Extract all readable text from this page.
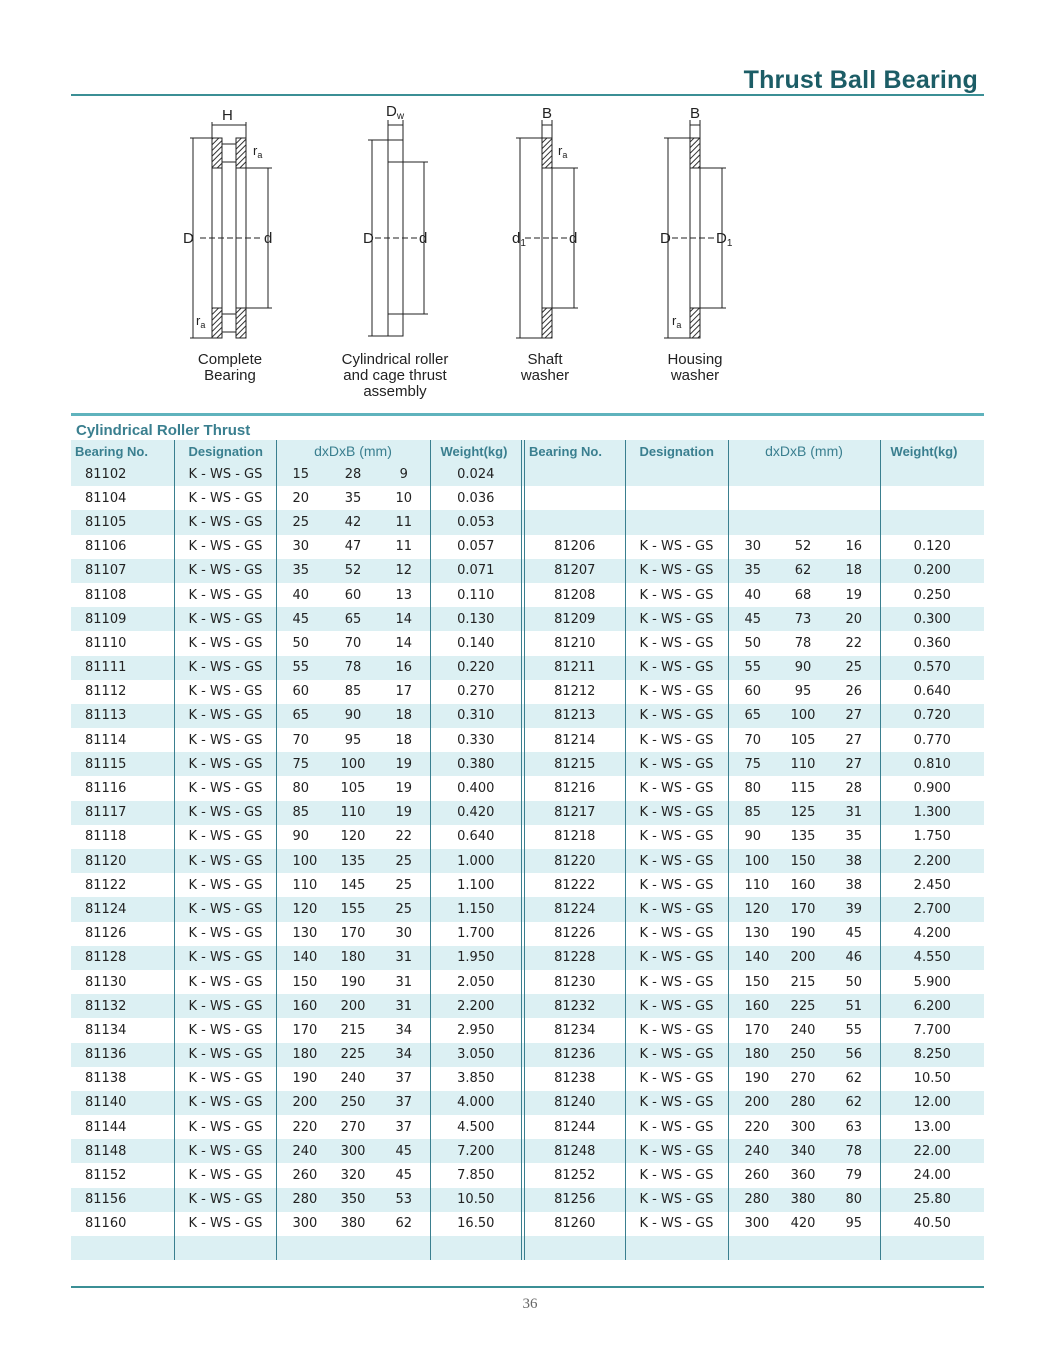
Thrust Ball Bearing
H
D	d
$r_a$
$r_a$
$D_w$
D	d
B
$d_1$	d
$r_a$
B
D	$D_1$
$r_a$
Complete
Bearing
Cylindrical roller
and cage thrust
assembly
Shaft
washer
Housing
washer
Cylindrical Roller Thrust
Bearing No.	Designation	dxDxB (mm)			Weight(kg)	Bearing No.	Designation	dxDxB (mm)			Weight(kg)
81102	K - WS - GS	15	28	9	0.024						
81104	K - WS - GS	20	35	10	0.036						
81105	K - WS - GS	25	42	11	0.053						
81106	K - WS - GS	30	47	11	0.057	81206	K - WS - GS	30	52	16	0.120
81107	K - WS - GS	35	52	12	0.071	81207	K - WS - GS	35	62	18	0.200
81108	K - WS - GS	40	60	13	0.110	81208	K - WS - GS	40	68	19	0.250
81109	K - WS - GS	45	65	14	0.130	81209	K - WS - GS	45	73	20	0.300
81110	K - WS - GS	50	70	14	0.140	81210	K - WS - GS	50	78	22	0.360
81111	K - WS - GS	55	78	16	0.220	81211	K - WS - GS	55	90	25	0.570
81112	K - WS - GS	60	85	17	0.270	81212	K - WS - GS	60	95	26	0.640
81113	K - WS - GS	65	90	18	0.310	81213	K - WS - GS	65	100	27	0.720
81114	K - WS - GS	70	95	18	0.330	81214	K - WS - GS	70	105	27	0.770
81115	K - WS - GS	75	100	19	0.380	81215	K - WS - GS	75	110	27	0.810
81116	K - WS - GS	80	105	19	0.400	81216	K - WS - GS	80	115	28	0.900
81117	K - WS - GS	85	110	19	0.420	81217	K - WS - GS	85	125	31	1.300
81118	K - WS - GS	90	120	22	0.640	81218	K - WS - GS	90	135	35	1.750
81120	K - WS - GS	100	135	25	1.000	81220	K - WS - GS	100	150	38	2.200
81122	K - WS - GS	110	145	25	1.100	81222	K - WS - GS	110	160	38	2.450
81124	K - WS - GS	120	155	25	1.150	81224	K - WS - GS	120	170	39	2.700
81126	K - WS - GS	130	170	30	1.700	81226	K - WS - GS	130	190	45	4.200
81128	K - WS - GS	140	180	31	1.950	81228	K - WS - GS	140	200	46	4.550
81130	K - WS - GS	150	190	31	2.050	81230	K - WS - GS	150	215	50	5.900
81132	K - WS - GS	160	200	31	2.200	81232	K - WS - GS	160	225	51	6.200
81134	K - WS - GS	170	215	34	2.950	81234	K - WS - GS	170	240	55	7.700
81136	K - WS - GS	180	225	34	3.050	81236	K - WS - GS	180	250	56	8.250
81138	K - WS - GS	190	240	37	3.850	81238	K - WS - GS	190	270	62	10.50
81140	K - WS - GS	200	250	37	4.000	81240	K - WS - GS	200	280	62	12.00
81144	K - WS - GS	220	270	37	4.500	81244	K - WS - GS	220	300	63	13.00
81148	K - WS - GS	240	300	45	7.200	81248	K - WS - GS	240	340	78	22.00
81152	K - WS - GS	260	320	45	7.850	81252	K - WS - GS	260	360	79	24.00
81156	K - WS - GS	280	350	53	10.50	81256	K - WS - GS	280	380	80	25.80
81160	K - WS - GS	300	380	62	16.50	81260	K - WS - GS	300	420	95	40.50

36
